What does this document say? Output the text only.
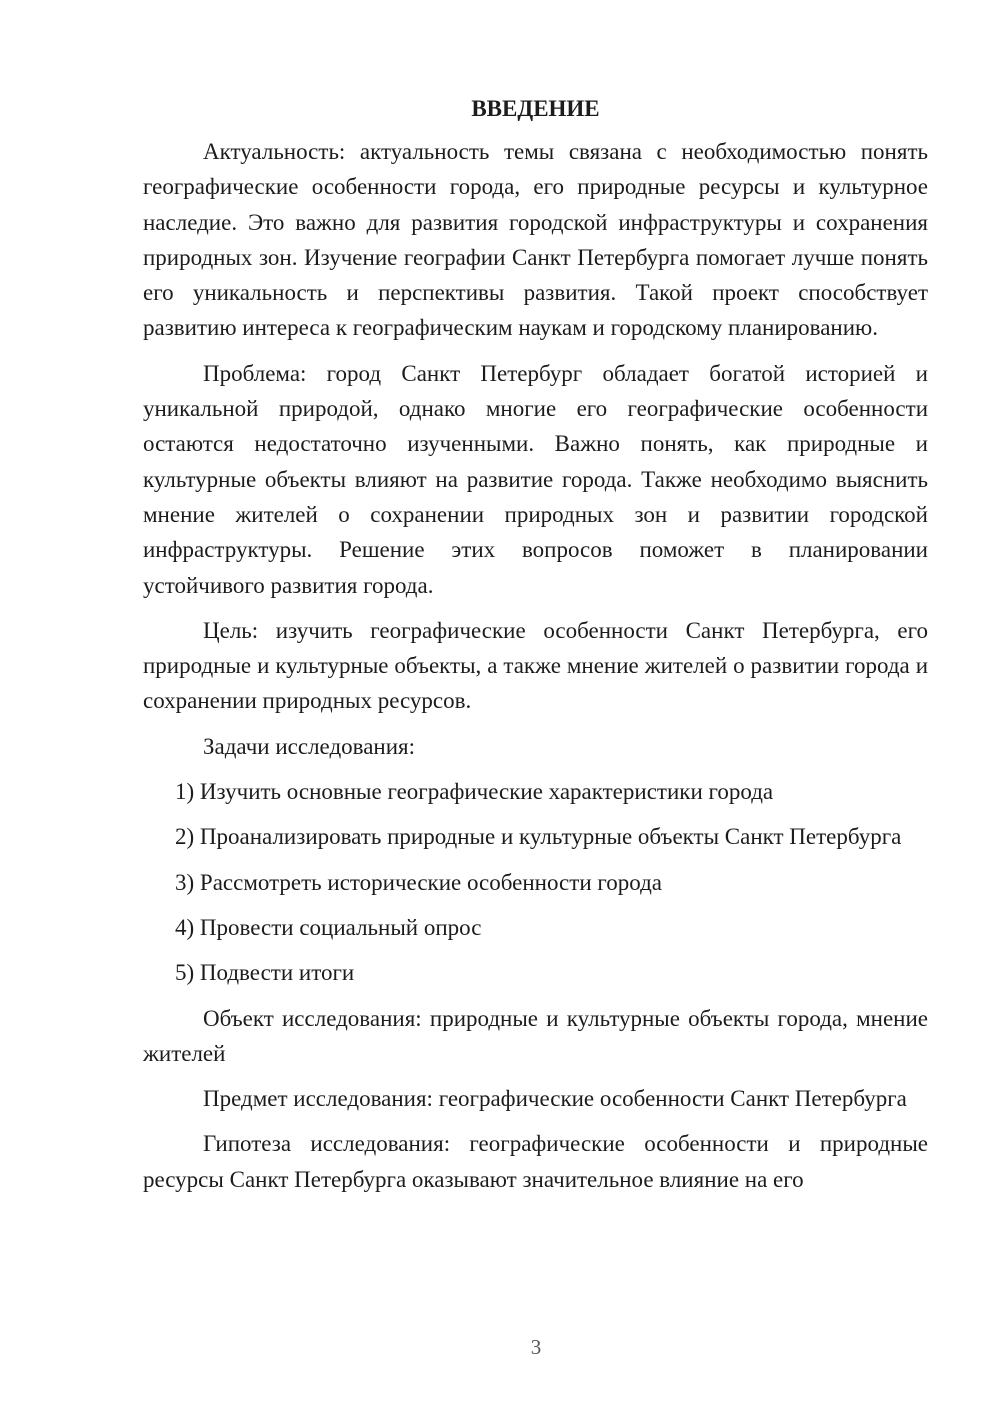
ВВЕДЕНИЕ

Актуальность: актуальность темы связана с необходимостью понять географические особенности города, его природные ресурсы и культурное наследие. Это важно для развития городской инфраструктуры и сохранения природных зон. Изучение географии Санкт Петербурга помогает лучше понять его уникальность и перспективы развития. Такой проект способствует развитию интереса к географическим наукам и городскому планированию.

Проблема: город Санкт Петербург обладает богатой историей и уникальной природой, однако многие его географические особенности остаются недостаточно изученными. Важно понять, как природные и культурные объекты влияют на развитие города. Также необходимо выяснить мнение жителей о сохранении природных зон и развитии городской инфраструктуры. Решение этих вопросов поможет в планировании устойчивого развития города.

Цель: изучить географические особенности Санкт Петербурга, его природные и культурные объекты, а также мнение жителей о развитии города и сохранении природных ресурсов.

Задачи исследования:

1) Изучить основные географические характеристики города

2) Проанализировать природные и культурные объекты Санкт Петербурга

3) Рассмотреть исторические особенности города

4) Провести социальный опрос

5) Подвести итоги

Объект исследования: природные и культурные объекты города, мнение жителей

Предмет исследования: географические особенности Санкт Петербурга

Гипотеза исследования: географические особенности и природные ресурсы Санкт Петербурга оказывают значительное влияние на его

3
